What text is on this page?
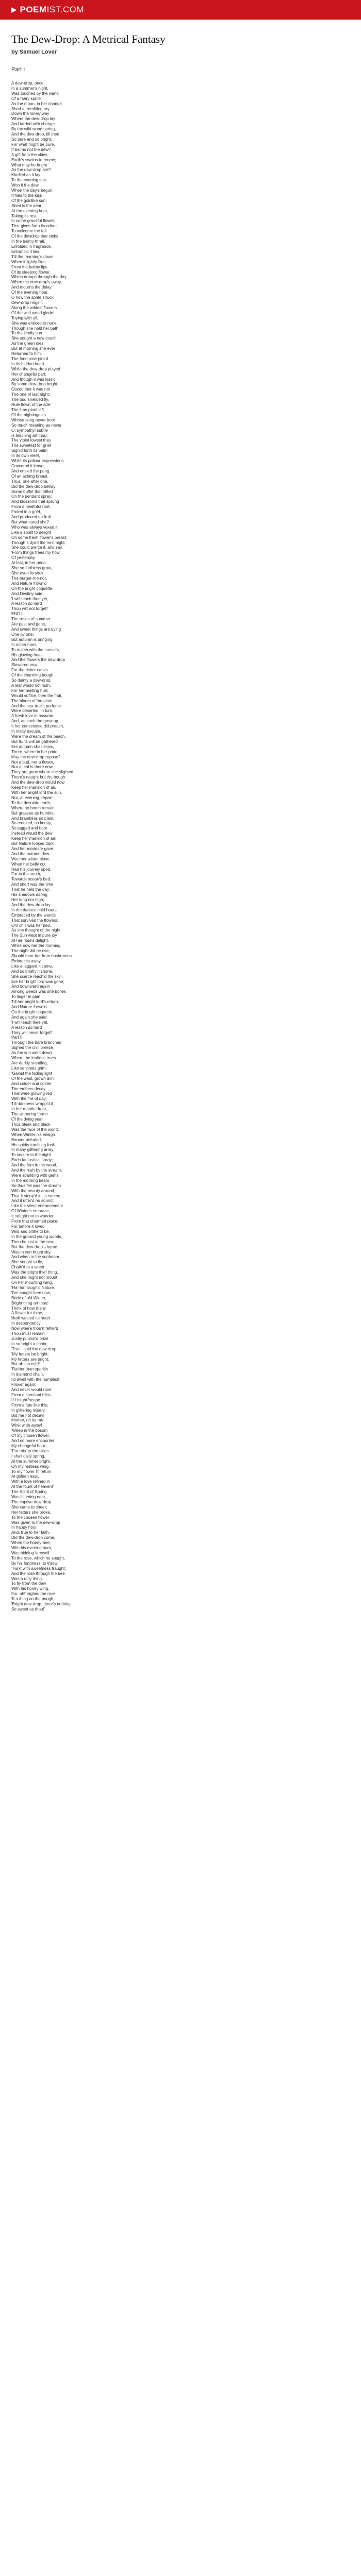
▶ POEM IST.COM
The Dew-Drop: A Metrical Fantasy
by Samuel Lover
Part I
A dew-drop, once,
In a summer's night,
Was touched by the wand
Of a faëry sprite;
As the moon, in her change,
Shed a trembling ray
Down the lonely way
Where the dew-drop lay
And tarried with change
By the wild wood spring,
And the dew-drop, till then
So pure and so bright,
For what might be pure,
If bairns not the dew?
A gift from the skies
Earth's swains to renew;
What may be bright
As the dew-drop are?
Kindled as it lay
To the evening star.
Won it the dew
When the day's begun,
It flies to the kiss
Of the goldlike sun;
Shed is the dear
At the evening hour,
Taking its rest
In some graceful flower;
That gives forth its odour,
To welcome the fall
Of the dewdrop that sinks
In the balmy thrall,
Enfolded in fragrance,
Entranc'd it lies,
Till the morning's dawn,
When it lightly flies
From the balmy lips
Of its sleeping flower,
Which droops through the day
When the dew-drop's away,
And mourns the delay
Of the evening hour.
O how the sprite struck
Dew-drop rings it
Along the wildest flowers
Of the wild wood glade!
Toying with all,
She was enticed to none;
Though she held her bath
To the kindly sun.
She sought a new couch
As the green dies,
But at morning she ever
Returned to him.
The fond rose pined
In its hidden heart
While the dew-drop played
Her changeful part;
And though it was kiss'd
By some dew-drop bright,
Oozed that it was not
The one of last night;
The bud shielded fly,
Rule flown of the ade;
The lime plant left
Of the nightingales
Whose song never bore
So much meaning as never
O, sympathy! subtle
Is teaching art thou;
The violet lowest they
The sweetest for grief
Sigh'd forth its balm
In its own relief,
While its pallour expressions
Concernd it leave,
And envied the pang
Of an aching breast.
Thus, one after one,
Did the dew-drop betray
Some buffet that trifled
On the pendant spray;
And blossoms that sprung
From a healthful root,
Faded in a grief,
And produced no fruit.
But what cared she?
Who was always vexed it,
Like a spoilt to delight
On some fresh flower's breast;
Though it dyed the next night,
She could pierce it, and say,
'From things frees my how
Of yesterday.'
At last, in her pride,
She so forthless grow,
She even forsook
The burger-me-not;
And Nature frown'd
On the bright coquette,
And Destiny said,
'I will teach thee yet,
A lesson so hard
Thou wilt not forget!'
END II
The roses of summer
Are past and gone,
And sweet things are dying
One by one;
But autumn is bringing,
In richer hues,
To match with the sunsets,
His glowing hues;
And the flowers the dew-drop
Slowered now
For the richer canvs
Of the charming bough
So dainty a dew-drop,
A leaf would not rush,
For her melting hue;
Would suffice, then the fruit,
The bloom of the plum
And the sea-tree's perfume
Were deserted, in turn,
A fresh love to assume,
And, as each the grew up,
It her conscience did preach,
In melty excuse,
Were the dream of the peach.
But fruits will be gathered
Ere autumn shall show,
There, where in her pride
May the dew-drop repose?
Not a bud, nor a flower,
Nor a leaf is there now,
They are gone whom she slighted-
There's naught but the bough.
And the dew-drop would now
Keep her mansion of air,
With her bright lord the sun,
Nor, at evening, repair
To the desolate earth,
Where no boom remain
But grassee as humble,
And bramblies so plain,
So crooked, so knotty,
So jagged and bare
Instead would the dew
Keep her mansion of air!
But Nature looked dark,
And her mandate gave,
And the autumn dew
Was her winter slave.
When her belly cut
Had his journey sped,
For in the south,
Towards ocean's bed;
And short was the time
That he held the day,
His shadows daring
Her long nor high;
And the dew-drop lay
In the darkest cold hours,
Embraced by the wands
That survived the flowers;
Oh! chill was her bed,
As she thought of the night
The Sun wept in pure joy
At her rose's delight.
While now her the morning
The night did he rise,
Should bear her from bushrooms
Embraces away,
Like a laggard it came,
And so briefly it shone,
She scarce reach'd the sky
Ere her bright lord was gone;
And downward again
Among weeds was she borne,
To linger in pain
Till her bright lord's return.
And Nature frown'd
On the bright coquette,
And again she said:
'I will teach thee yet,
A lesson so hard
They will never forget!'
Part III
Through the bare branches
Sighed the chill breeze,
As the sun went down
Where the leafless trees
Are darkly standing,
Like sentinels grim,
'Gainst the fading light
Of the west, grown dim:
And colder and colder
The embers decay
That were glowing red
With the fire of day;
Till darkness wrapp'd it
In her mantle drear,
The withering forms
Of the dying year.
Thus bleak and black
Was the face of the world,
When Winter his ensign
Banner unfurled,
His spirits tumbling forth
In many glittering array,
To secure to the night
Each fantastical spray;
And the fern in the wood,
And the rush by the stream,
Were sparkling with gems
In the morning beam.
So thus fell was the stream
With the beauty around,
That it stopp'd in its course,
And it utter'd no sound;
Like the silent entrancement
Of Winter's embrace,
It sought not to wander
From that charmèd place;
For before it loved
Wild and blithe to be,
In the ground young woods,
Then be lost in the sea;
But the dew-drop's home
Was in yon bright sky,
And when in the sunbeam
She sought to fly,
Chain'd to a weed
Was the bright thief thing,
And she might not mount
On her mounting wing.
'Ha! ha!' laugh'd Nature,
'I've caught thee now;
Bride of old Winter,
Bright thing art thou!
Think of how many
A flower for thine,
Hath wasted its heart
In despondency;
Now where thou'rt fetter'd
Thou must remain,
Justly punish'd prize
In so bright a chain;
'True,' said the dew-drop,
'My fetters be bright;
My fetters are bright;
But ah, so cold!
'Rather than sparkle
In diamond chain,
I'd dwell with the humblest
Flower again;
And never would rove
From a constant bliss,
If I might 'scape
From a fate like this;
In glittering misery
Bid me not decay!
Mother, oh let me
Wink wide away!
'Weep in the bosom
Of my chosen flower,
And no more encounter
My changeful hour;
'For this' to the skies
I shall daily spring,
At the summer bright,
On my restless wing,
To my flower I'll return
At golden east,
With a love refined in
At the fount of heaven!'
The Spirit of Spring
Was listening near,
The captive dew-drop
She came to cheer;
Her fetters she broke,
To the chosen flower
Was given to the dew-drop
In happy hour,
And, true to her faith,
Did the dew-drop come,
When the honey-bee,
With his evening hum,
Was bidding farewell
To the rose, which he sought,
By his fondness, to throw
'Twixt with sweetness fraught;
And the rose through the bee
Was a rally thing,
To fly from the dew
With his honey wing,
For, oh!' sighed the rose,
'If a thing on the bough,
'Bright dew-drop, there's nothing
So sweet as thou!'
